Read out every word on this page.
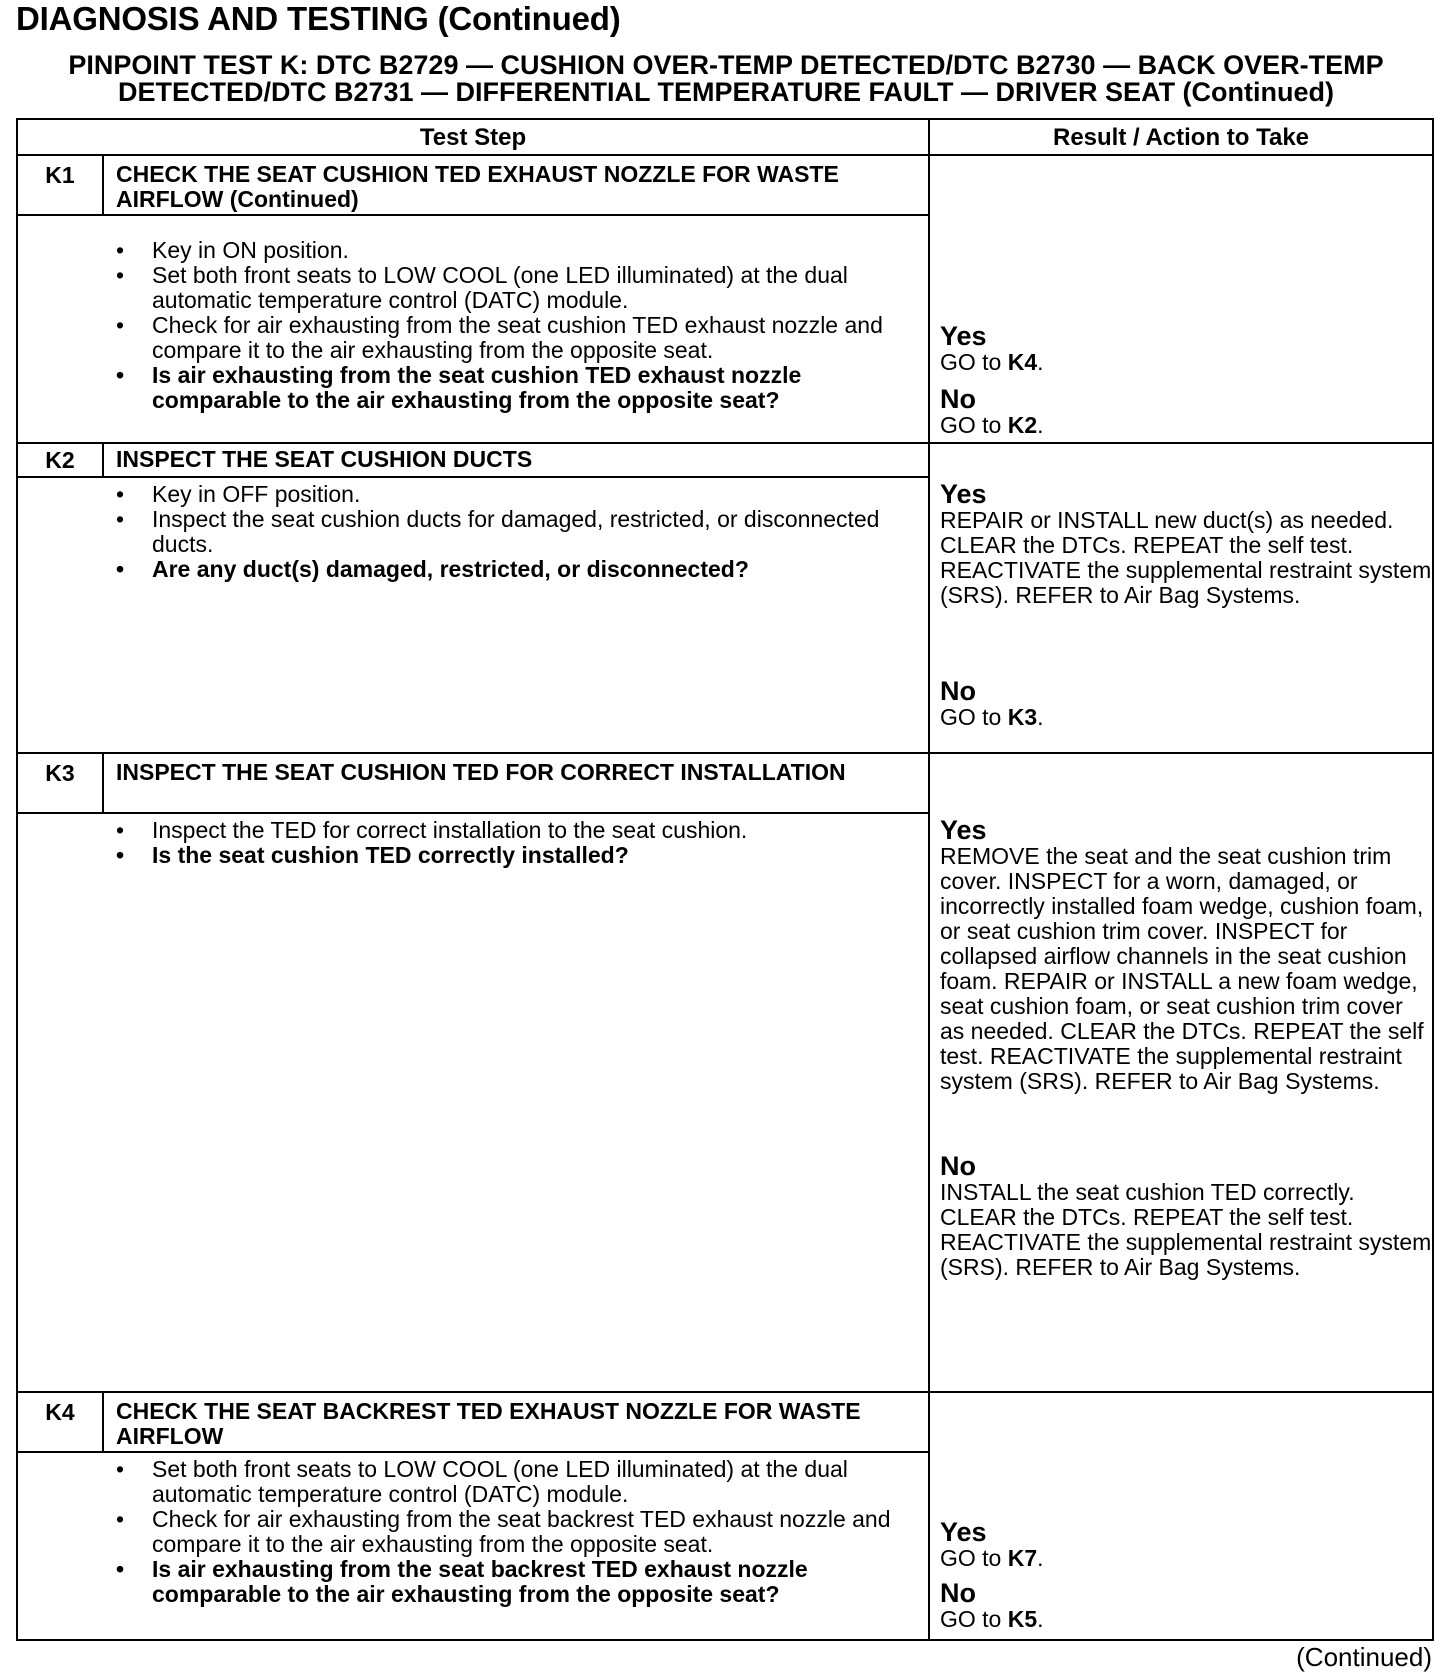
DIAGNOSIS AND TESTING (Continued)
PINPOINT TEST K: DTC B2729 — CUSHION OVER-TEMP DETECTED/DTC B2730 — BACK OVER-TEMP DETECTED/DTC B2731 — DIFFERENTIAL TEMPERATURE FAULT — DRIVER SEAT (Continued)
Test Step	Result / Action to Take
K1	CHECK THE SEAT CUSHION TED EXHAUST NOZZLE FOR WASTE AIRFLOW (Continued)
• Key in ON position.
• Set both front seats to LOW COOL (one LED illuminated) at the dual automatic temperature control (DATC) module.
• Check for air exhausting from the seat cushion TED exhaust nozzle and compare it to the air exhausting from the opposite seat.
• Is air exhausting from the seat cushion TED exhaust nozzle comparable to the air exhausting from the opposite seat?
Yes
GO to K4.
No
GO to K2.
K2	INSPECT THE SEAT CUSHION DUCTS
• Key in OFF position.
• Inspect the seat cushion ducts for damaged, restricted, or disconnected ducts.
• Are any duct(s) damaged, restricted, or disconnected?
Yes
REPAIR or INSTALL new duct(s) as needed. CLEAR the DTCs. REPEAT the self test. REACTIVATE the supplemental restraint system (SRS). REFER to Air Bag Systems.
No
GO to K3.
K3	INSPECT THE SEAT CUSHION TED FOR CORRECT INSTALLATION
• Inspect the TED for correct installation to the seat cushion.
• Is the seat cushion TED correctly installed?
Yes
REMOVE the seat and the seat cushion trim cover. INSPECT for a worn, damaged, or incorrectly installed foam wedge, cushion foam, or seat cushion trim cover. INSPECT for collapsed airflow channels in the seat cushion foam. REPAIR or INSTALL a new foam wedge, seat cushion foam, or seat cushion trim cover as needed. CLEAR the DTCs. REPEAT the self test. REACTIVATE the supplemental restraint system (SRS). REFER to Air Bag Systems.
No
INSTALL the seat cushion TED correctly. CLEAR the DTCs. REPEAT the self test. REACTIVATE the supplemental restraint system (SRS). REFER to Air Bag Systems.
K4	CHECK THE SEAT BACKREST TED EXHAUST NOZZLE FOR WASTE AIRFLOW
• Set both front seats to LOW COOL (one LED illuminated) at the dual automatic temperature control (DATC) module.
• Check for air exhausting from the seat backrest TED exhaust nozzle and compare it to the air exhausting from the opposite seat.
• Is air exhausting from the seat backrest TED exhaust nozzle comparable to the air exhausting from the opposite seat?
Yes
GO to K7.
No
GO to K5.
(Continued)
